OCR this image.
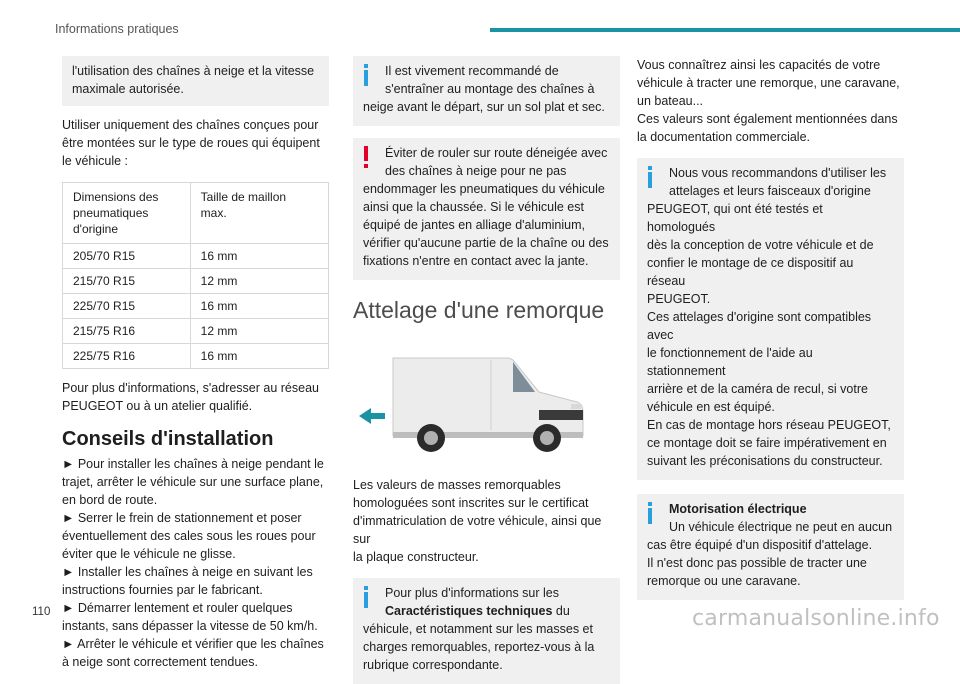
Informations pratiques
l'utilisation des chaînes à neige et la vitesse
maximale autorisée.
Utiliser uniquement des chaînes conçues pour
être montées sur le type de roues qui équipent
le véhicule :
Dimensions des
pneumatiques
d'origine	Taille de maillon
max.

205/70 R15	16 mm
215/70 R15	12 mm
225/70 R15	16 mm
215/75 R16	12 mm
225/75 R16	16 mm
Pour plus d'informations, s'adresser au réseau
PEUGEOT ou à un atelier qualifié.
Conseils d'installation
► Pour installer les chaînes à neige pendant le
trajet, arrêter le véhicule sur une surface plane,
en bord de route.
► Serrer le frein de stationnement et poser
éventuellement des cales sous les roues pour
éviter que le véhicule ne glisse.
► Installer les chaînes à neige en suivant les
instructions fournies par le fabricant.
► Démarrer lentement et rouler quelques
instants, sans dépasser la vitesse de 50 km/h.
► Arrêter le véhicule et vérifier que les chaînes
à neige sont correctement tendues.
Il est vivement recommandé de
s'entraîner au montage des chaînes à
neige avant le départ, sur un sol plat et sec.
Éviter de rouler sur route déneigée avec
des chaînes à neige pour ne pas
endommager les pneumatiques du véhicule
ainsi que la chaussée. Si le véhicule est
équipé de jantes en alliage d'aluminium,
vérifier qu'aucune partie de la chaîne ou des
fixations n'entre en contact avec la jante.
Attelage d'une remorque
Les valeurs de masses remorquables
homologuées sont inscrites sur le certificat
d'immatriculation de votre véhicule, ainsi que sur
la plaque constructeur.
Pour plus d'informations sur les
Caractéristiques techniques du
véhicule, et notamment sur les masses et
charges remorquables, reportez-vous à la
rubrique correspondante.
Vous connaîtrez ainsi les capacités de votre
véhicule à tracter une remorque, une caravane,
un bateau...
Ces valeurs sont également mentionnées dans
la documentation commerciale.
Nous vous recommandons d'utiliser les
attelages et leurs faisceaux d'origine
PEUGEOT, qui ont été testés et homologués
dès la conception de votre véhicule et de
confier le montage de ce dispositif au réseau
PEUGEOT.
Ces attelages d'origine sont compatibles avec
le fonctionnement de l'aide au stationnement
arrière et de la caméra de recul, si votre
véhicule en est équipé.
En cas de montage hors réseau PEUGEOT,
ce montage doit se faire impérativement en
suivant les préconisations du constructeur.
Motorisation électrique
Un véhicule électrique ne peut en aucun
cas être équipé d'un dispositif d'attelage.
Il n'est donc pas possible de tracter une
remorque ou une caravane.
110	carmanualsonline.info
